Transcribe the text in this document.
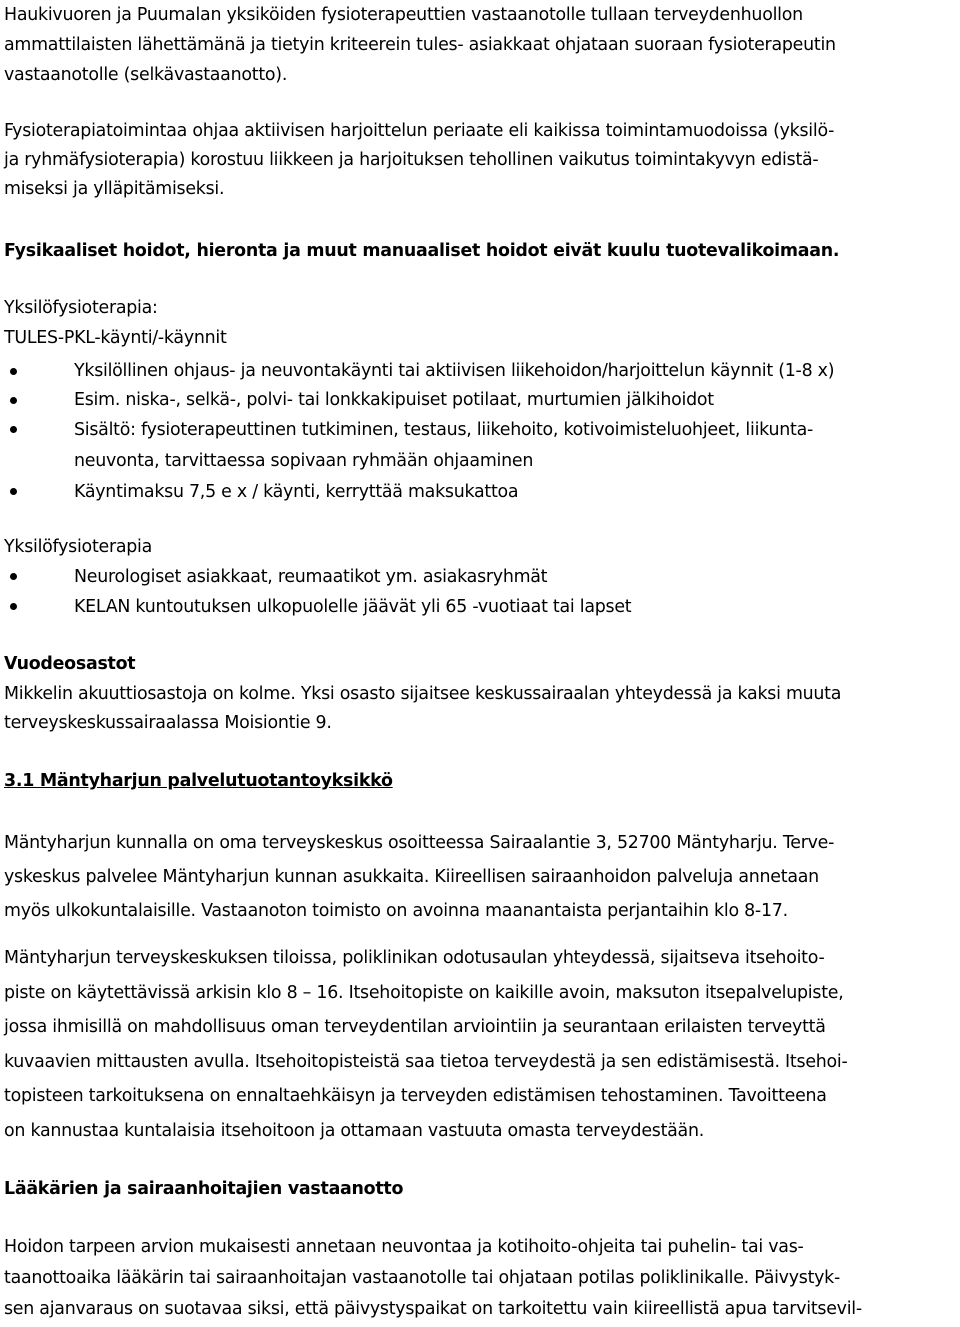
Haukivuoren ja Puumalan yksiköiden fysioterapeuttien vastaanotolle tullaan terveydenhuollon

ammattilaisten lähettämänä ja tietyin kriteerein tules- asiakkaat ohjataan suoraan fysioterapeutin

vastaanotolle (selkävastaanotto).

Fysioterapiatoimintaa ohjaa aktiivisen harjoittelun periaate eli kaikissa toimintamuodoissa (yksilö-

ja ryhmäfysioterapia) korostuu liikkeen ja harjoituksen tehollinen vaikutus toimintakyvyn edistä-

miseksi ja ylläpitämiseksi.

Fysikaaliset hoidot, hieronta ja muut manuaaliset hoidot eivät kuulu tuotevalikoimaan.

Yksilöfysioterapia:

TULES-PKL-käynti/-käynnit

Yksilöllinen ohjaus- ja neuvontakäynti tai aktiivisen liikehoidon/harjoittelun käynnit (1-8 x)
Esim. niska-, selkä-, polvi- tai lonkkakipuiset potilaat, murtumien jälkihoidot
Sisältö: fysioterapeuttinen tutkiminen, testaus, liikehoito, kotivoimisteluohjeet, liikunta-
neuvonta, tarvittaessa sopivaan ryhmään ohjaaminen
Käyntimaksu 7,5 e x / käynti, kerryttää maksukattoa

Yksilöfysioterapia

Neurologiset asiakkaat, reumaatikot ym. asiakasryhmät
KELAN kuntoutuksen ulkopuolelle jäävät yli 65 -vuotiaat tai lapset

Vuodeosastot

Mikkelin akuuttiosastoja on kolme. Yksi osasto sijaitsee keskussairaalan yhteydessä ja kaksi muuta

terveyskeskussairaalassa Moisiontie 9.

3.1 Mäntyharjun palvelutuotantoyksikkö

Mäntyharjun kunnalla on oma terveyskeskus osoitteessa Sairaalantie 3, 52700 Mäntyharju. Terve-

yskeskus palvelee Mäntyharjun kunnan asukkaita. Kiireellisen sairaanhoidon palveluja annetaan

myös ulkokuntalaisille. Vastaanoton toimisto on avoinna maanantaista perjantaihin klo 8-17.

Mäntyharjun terveyskeskuksen tiloissa, poliklinikan odotusaulan yhteydessä, sijaitseva itsehoito-

piste on käytettävissä arkisin klo 8 – 16. Itsehoitopiste on kaikille avoin, maksuton itsepalvelupiste,

jossa ihmisillä on mahdollisuus oman terveydentilan arviointiin ja seurantaan erilaisten terveyttä

kuvaavien mittausten avulla. Itsehoitopisteistä saa tietoa terveydestä ja sen edistämisestä. Itsehoi-

topisteen tarkoituksena on ennaltaehkäisyn ja terveyden edistämisen tehostaminen. Tavoitteena

on kannustaa kuntalaisia itsehoitoon ja ottamaan vastuuta omasta terveydestään.

Lääkärien ja sairaanhoitajien vastaanotto

Hoidon tarpeen arvion mukaisesti annetaan neuvontaa ja kotihoito-ohjeita tai puhelin- tai vas-

taanottoaika lääkärin tai sairaanhoitajan vastaanotolle tai ohjataan potilas poliklinikalle. Päivystyk-

sen ajanvaraus on suotavaa siksi, että päivystyspaikat on tarkoitettu vain kiireellistä apua tarvitsevil-
